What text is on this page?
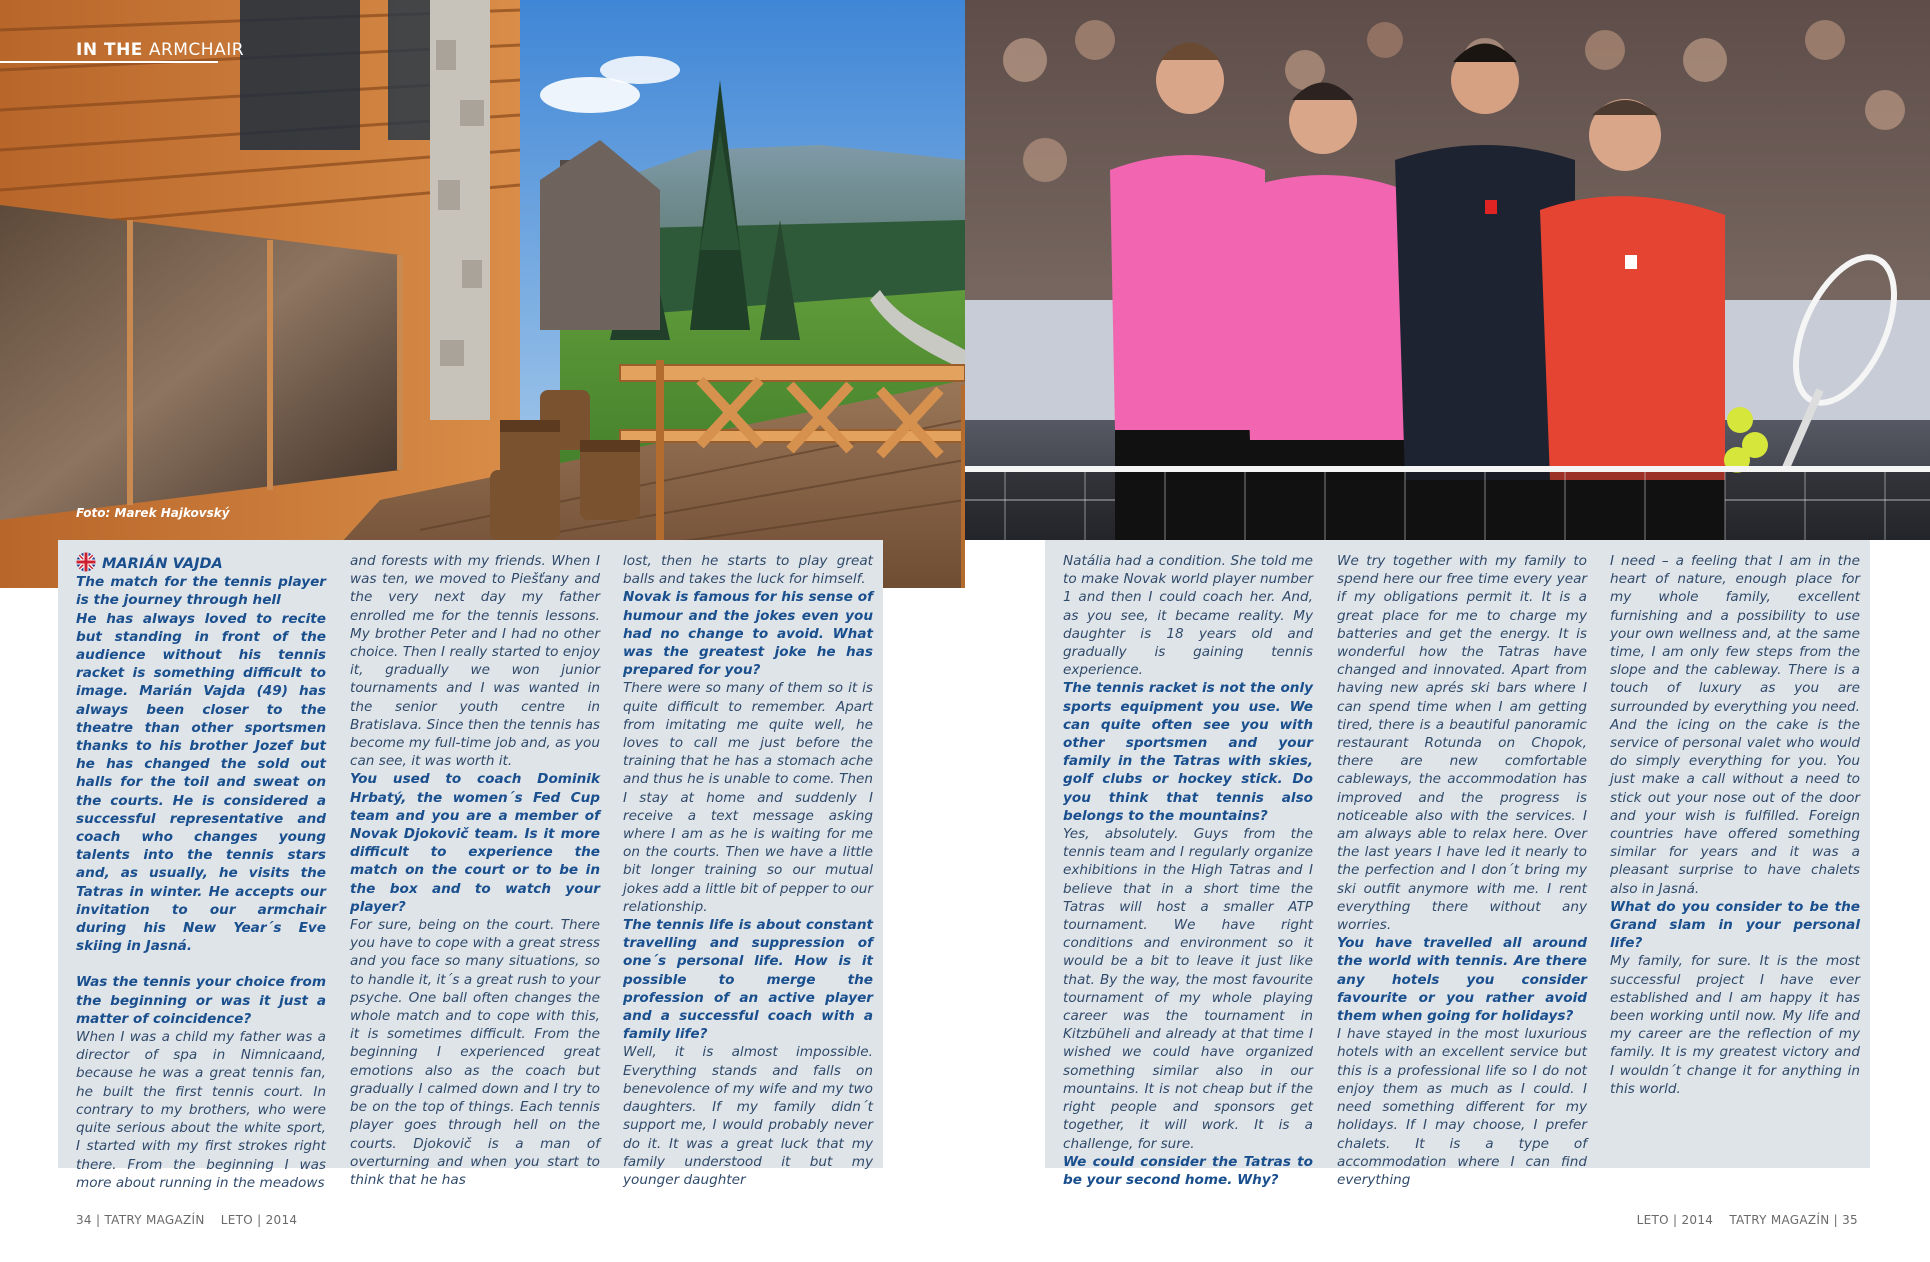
IN THE ARMCHAIR
Foto: Marek Hajkovský

MARIÁN VAJDA

The match for the tennis player is the journey through hell

He has always loved to recite but standing in front of the audience without his tennis racket is something difficult to image. Marián Vajda (49) has always been closer to the theatre than other sportsmen thanks to his brother Jozef but he has changed the sold out halls for the toil and sweat on the courts. He is considered a successful representative and coach who changes young talents into the tennis stars and, as usually, he visits the Tatras in winter. He accepts our invitation to our armchair during his New Year´s Eve skiing in Jasná.

Was the tennis your choice from the beginning or was it just a matter of coincidence?

When I was a child my father was a director of spa in Nimnicaand, because he was a great tennis fan, he built the first tennis court. In contrary to my brothers, who were quite serious about the white sport, I started with my first strokes right there. From the beginning I was more about running in the meadows

and forests with my friends. When I was ten, we moved to Piešťany and the very next day my father enrolled me for the tennis lessons. My brother Peter and I had no other choice. Then I really started to enjoy it, gradually we won junior tournaments and I was wanted in the senior youth centre in Bratislava. Since then the tennis has become my full-time job and, as you can see, it was worth it.

You used to coach Dominik Hrbatý, the women´s Fed Cup team and you are a member of Novak Djokovič team. Is it more difficult to experience the match on the court or to be in the box and to watch your player?

For sure, being on the court. There you have to cope with a great stress and you face so many situations, so to handle it, it´s a great rush to your psyche. One ball often changes the whole match and to cope with this, it is sometimes difficult. From the beginning I experienced great emotions also as the coach but gradually I calmed down and I try to be on the top of things. Each tennis player goes through hell on the courts. Djokovič is a man of overturning and when you start to think that he has

lost, then he starts to play great balls and takes the luck for himself.

Novak is famous for his sense of humour and the jokes even you had no change to avoid. What was the greatest joke he has prepared for you?

There were so many of them so it is quite difficult to remember. Apart from imitating me quite well, he loves to call me just before the training that he has a stomach ache and thus he is unable to come. Then I stay at home and suddenly I receive a text message asking where I am as he is waiting for me on the courts. Then we have a little bit longer training so our mutual jokes add a little bit of pepper to our relationship.

The tennis life is about constant travelling and suppression of one´s personal life. How is it possible to merge the profession of an active player and a successful coach with a family life?

Well, it is almost impossible. Everything stands and falls on benevolence of my wife and my two daughters. If my family didn´t support me, I would probably never do it. It was a great luck that my family understood it but my younger daughter

Natália had a condition. She told me to make Novak world player number 1 and then I could coach her. And, as you see, it became reality. My daughter is 18 years old and gradually is gaining tennis experience.

The tennis racket is not the only sports equipment you use. We can quite often see you with other sportsmen and your family in the Tatras with skies, golf clubs or hockey stick. Do you think that tennis also belongs to the mountains?

Yes, absolutely. Guys from the tennis team and I regularly organize exhibitions in the High Tatras and I believe that in a short time the Tatras will host a smaller ATP tournament. We have right conditions and environment so it would be a bit to leave it just like that. By the way, the most favourite tournament of my whole playing career was the tournament in Kitzbüheli and already at that time I wished we could have organized something similar also in our mountains. It is not cheap but if the right people and sponsors get together, it will work. It is a challenge, for sure.

We could consider the Tatras to be your second home. Why?

We try together with my family to spend here our free time every year if my obligations permit it. It is a great place for me to charge my batteries and get the energy. It is wonderful how the Tatras have changed and innovated. Apart from having new aprés ski bars where I can spend time when I am getting tired, there is a beautiful panoramic restaurant Rotunda on Chopok, there are new comfortable cableways, the accommodation has improved and the progress is noticeable also with the services. I am always able to relax here. Over the last years I have led it nearly to the perfection and I don´t bring my ski outfit anymore with me. I rent everything there without any worries.

You have travelled all around the world with tennis. Are there any hotels you consider favourite or you rather avoid them when going for holidays?

I have stayed in the most luxurious hotels with an excellent service but this is a professional life so I do not enjoy them as much as I could. I need something different for my holidays. If I may choose, I prefer chalets. It is a type of accommodation where I can find everything

I need – a feeling that I am in the heart of nature, enough place for my whole family, excellent furnishing and a possibility to use your own wellness and, at the same time, I am only few steps from the slope and the cableway. There is a touch of luxury as you are surrounded by everything you need. And the icing on the cake is the service of personal valet who would do simply everything for you. You just make a call without a need to stick out your nose out of the door and your wish is fulfilled. Foreign countries have offered something similar for years and it was a pleasant surprise to have chalets also in Jasná.

What do you consider to be the Grand slam in your personal life?

My family, for sure. It is the most successful project I have ever established and I am happy it has been working until now. My life and my career are the reflection of my family. It is my greatest victory and I wouldn´t change it for anything in this world.

34 | TATRY MAGAZÍN LETO | 2014	LETO | 2014 TATRY MAGAZÍN | 35
